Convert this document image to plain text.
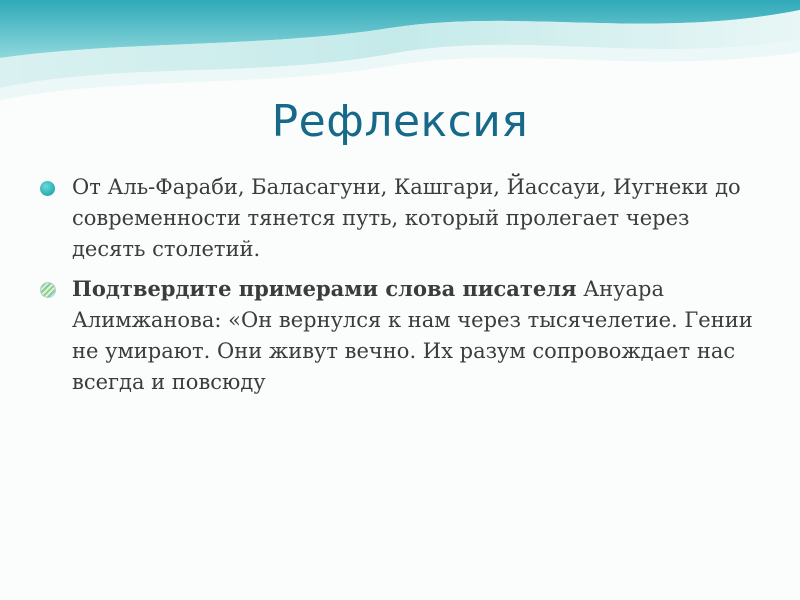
Рефлексия
От Аль-Фараби, Баласагуни, Кашгари, Йассауи, Иугнеки до современности тянется путь, который пролегает через десять столетий.
Подтвердите примерами слова писателя Ануара Алимжанова: «Он вернулся к нам через тысячелетие. Гении не умирают. Они живут вечно. Их разум сопровождает нас всегда и повсюду
